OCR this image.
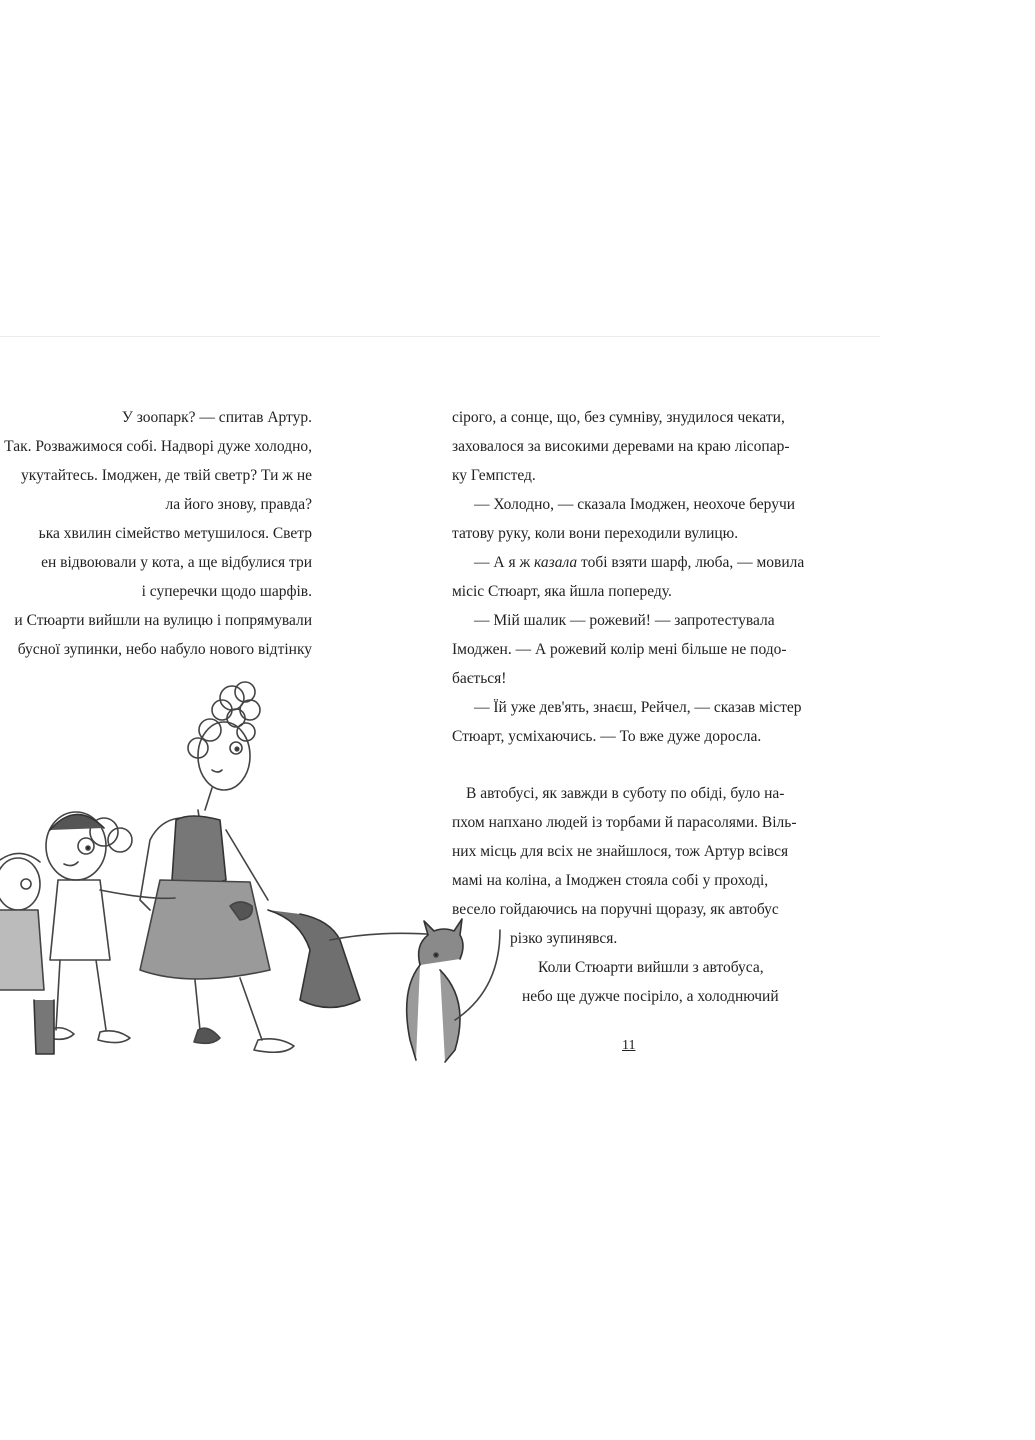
У зоопарк? — спитав Артур.
Так. Розважимося собі. Надворі дуже холодно,
укутайтесь. Імоджен, де твій светр? Ти ж не
ла його знову, правда?
ька хвилин сімейство метушилося. Светр
ен відвоювали у кота, а ще відбулися три
і суперечки щодо шарфів.
и Стюарти вийшли на вулицю і попрямували
бусної зупинки, небо набуло нового відтінку
сірого, а сонце, що, без сумніву, знудилося чекати,
заховалося за високими деревами на краю лісопар-
ку Гемпстед.
— Холодно, — сказала Імоджен, неохоче беручи
татову руку, коли вони переходили вулицю.
— А я ж казала тобі взяти шарф, люба, — мовила
місіс Стюарт, яка йшла попереду.
— Мій шалик — рожевий! — запротестувала
Імоджен. — А рожевий колір мені більше не подо-
бається!
— Їй уже дев'ять, знаєш, Рейчел, — сказав містер
Стюарт, усміхаючись. — То вже дуже доросла.
В автобусі, як завжди в суботу по обіді, було на-
пхом напхано людей із торбами й парасолями. Віль-
них місць для всіх не знайшлося, тож Артур всівся
мамі на коліна, а Імоджен стояла собі у проході,
весело гойдаючись на поручні щоразу, як автобус
різко зупинявся.
Коли Стюарти вийшли з автобуса,
небо ще дужче посіріло, а холоднючий
11
